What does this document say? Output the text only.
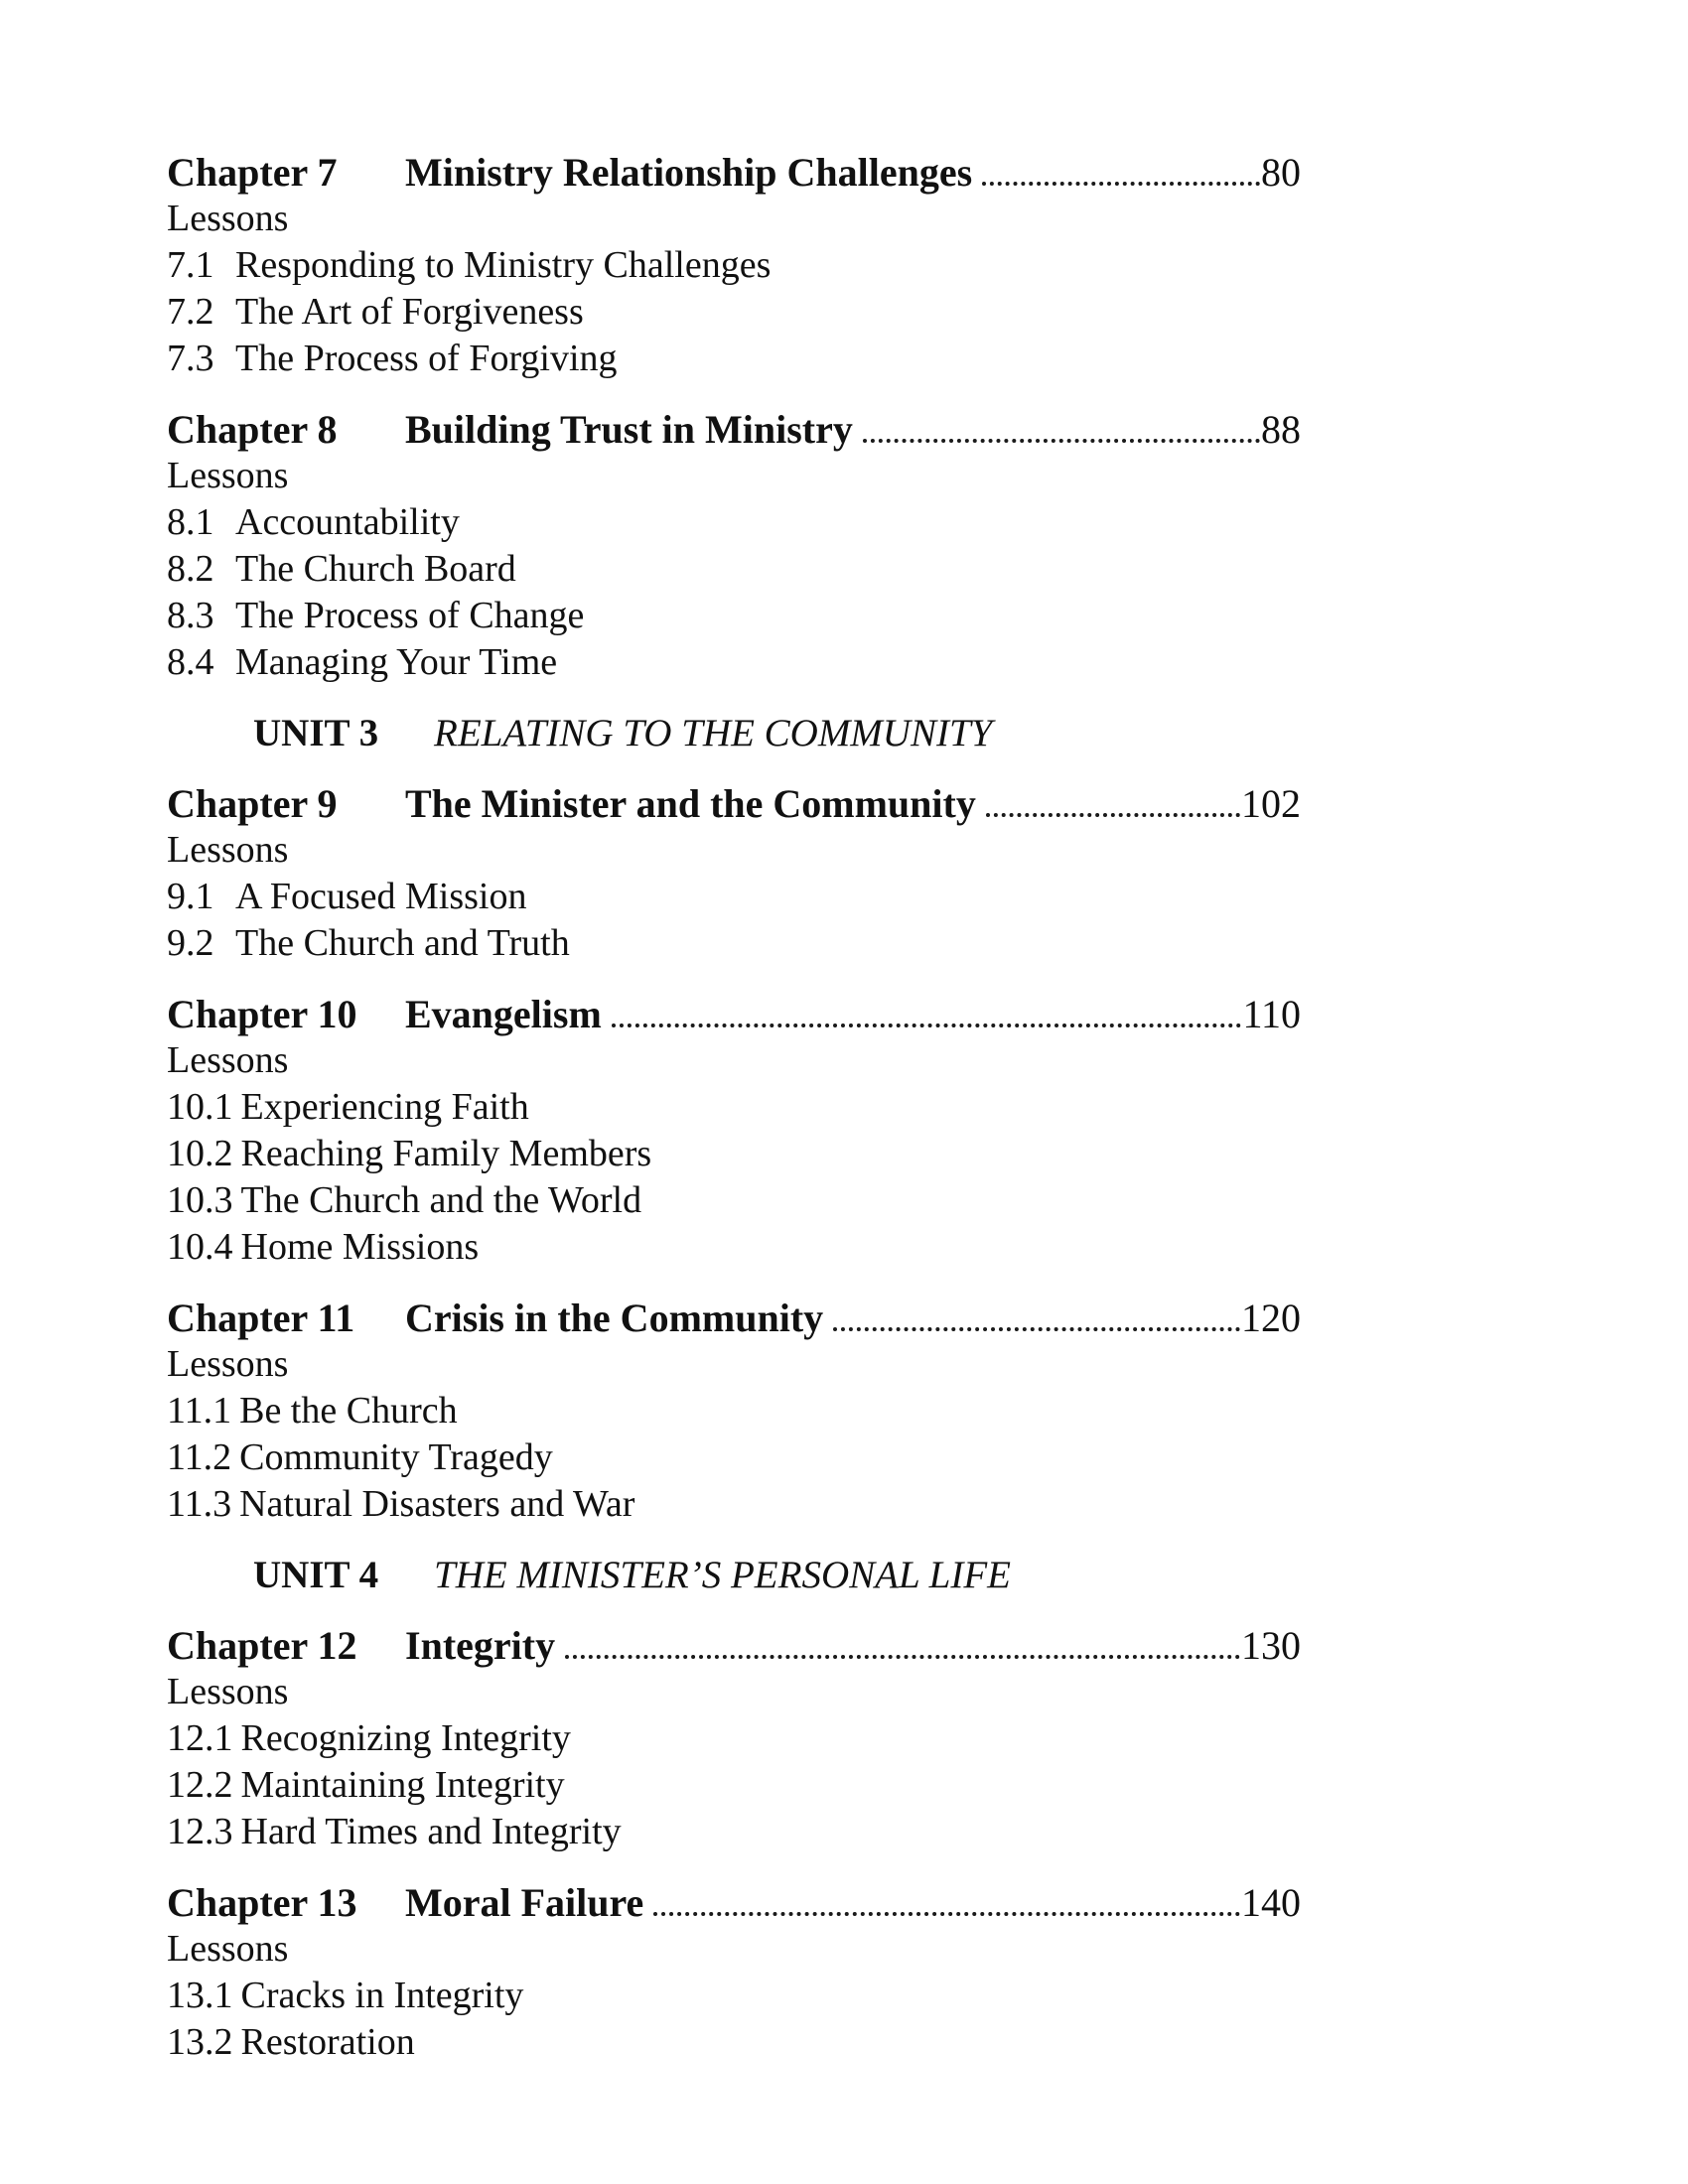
Chapter 7	Ministry Relationship Challenges	80
Lessons
7.1 Responding to Ministry Challenges
7.2 The Art of Forgiveness
7.3 The Process of Forgiving
Chapter 8	Building Trust in Ministry	88
Lessons
8.1 Accountability
8.2 The Church Board
8.3 The Process of Change
8.4 Managing Your Time
UNIT 3 RELATING TO THE COMMUNITY
Chapter 9	The Minister and the Community	102
Lessons
9.1 A Focused Mission
9.2 The Church and Truth
Chapter 10	Evangelism	110
Lessons
10.1 Experiencing Faith
10.2 Reaching Family Members
10.3 The Church and the World
10.4 Home Missions
Chapter 11	Crisis in the Community	120
Lessons
11.1 Be the Church
11.2 Community Tragedy
11.3 Natural Disasters and War
UNIT 4 THE MINISTER’S PERSONAL LIFE
Chapter 12	Integrity	130
Lessons
12.1 Recognizing Integrity
12.2 Maintaining Integrity
12.3 Hard Times and Integrity
Chapter 13	Moral Failure	140
Lessons
13.1 Cracks in Integrity
13.2 Restoration
